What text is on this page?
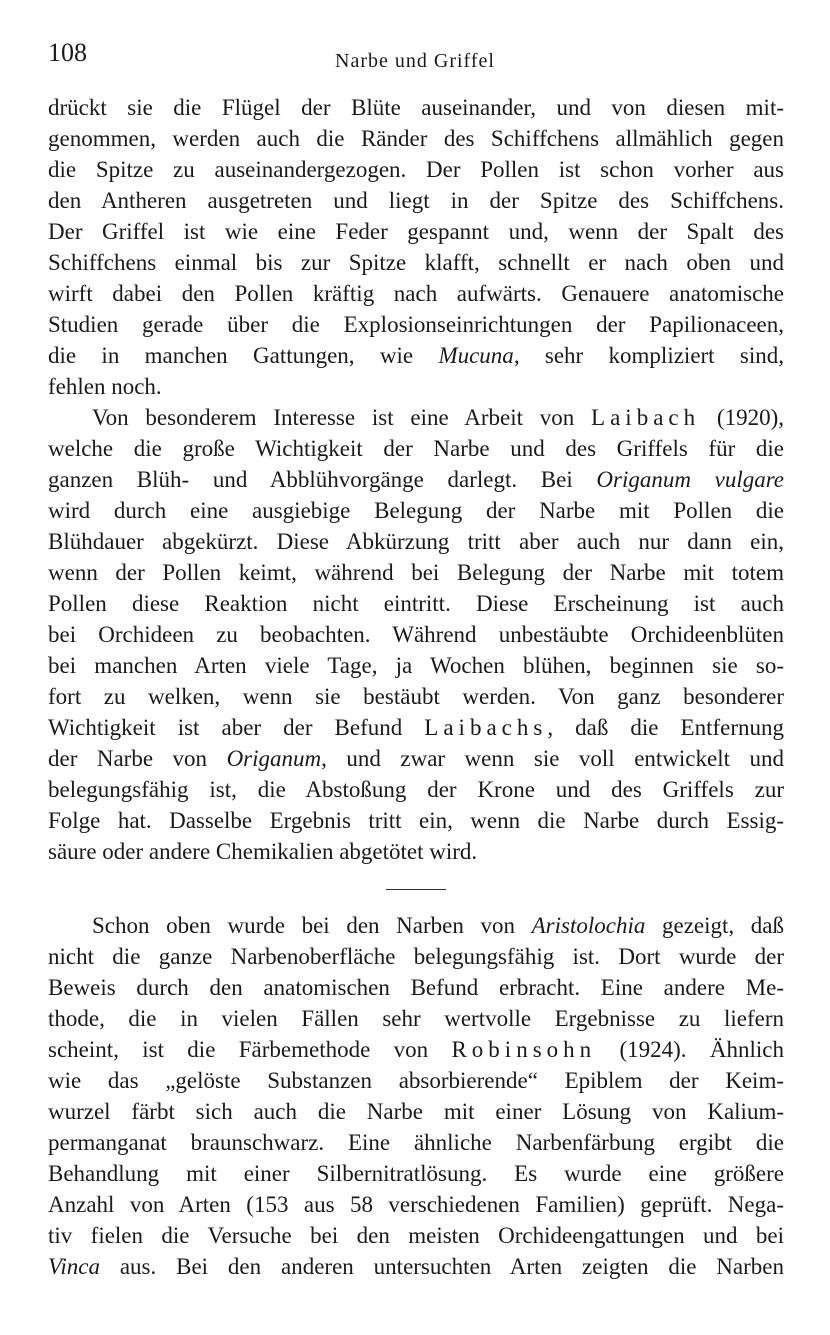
108	Narbe und Griffel
drückt sie die Flügel der Blüte auseinander, und von diesen mit-
genommen, werden auch die Ränder des Schiffchens allmählich gegen
die Spitze zu auseinandergezogen. Der Pollen ist schon vorher aus
den Antheren ausgetreten und liegt in der Spitze des Schiffchens.
Der Griffel ist wie eine Feder gespannt und, wenn der Spalt des
Schiffchens einmal bis zur Spitze klafft, schnellt er nach oben und
wirft dabei den Pollen kräftig nach aufwärts. Genauere anatomische
Studien gerade über die Explosionseinrichtungen der Papilionaceen,
die in manchen Gattungen, wie Mucuna, sehr kompliziert sind,
fehlen noch.
Von besonderem Interesse ist eine Arbeit von Laibach (1920),
welche die große Wichtigkeit der Narbe und des Griffels für die
ganzen Blüh- und Abblühvorgänge darlegt. Bei Origanum vulgare
wird durch eine ausgiebige Belegung der Narbe mit Pollen die
Blühdauer abgekürzt. Diese Abkürzung tritt aber auch nur dann ein,
wenn der Pollen keimt, während bei Belegung der Narbe mit totem
Pollen diese Reaktion nicht eintritt. Diese Erscheinung ist auch
bei Orchideen zu beobachten. Während unbestäubte Orchideenblüten
bei manchen Arten viele Tage, ja Wochen blühen, beginnen sie so-
fort zu welken, wenn sie bestäubt werden. Von ganz besonderer
Wichtigkeit ist aber der Befund Laibachs, daß die Entfernung
der Narbe von Origanum, und zwar wenn sie voll entwickelt und
belegungsfähig ist, die Abstoßung der Krone und des Griffels zur
Folge hat. Dasselbe Ergebnis tritt ein, wenn die Narbe durch Essig-
säure oder andere Chemikalien abgetötet wird.
Schon oben wurde bei den Narben von Aristolochia gezeigt, daß
nicht die ganze Narbenoberfläche belegungsfähig ist. Dort wurde der
Beweis durch den anatomischen Befund erbracht. Eine andere Me-
thode, die in vielen Fällen sehr wertvolle Ergebnisse zu liefern
scheint, ist die Färbemethode von Robinsohn (1924). Ähnlich
wie das „gelöste Substanzen absorbierende“ Epiblem der Keim-
wurzel färbt sich auch die Narbe mit einer Lösung von Kalium-
permanganat braunschwarz. Eine ähnliche Narbenfärbung ergibt die
Behandlung mit einer Silbernitratlösung. Es wurde eine größere
Anzahl von Arten (153 aus 58 verschiedenen Familien) geprüft. Nega-
tiv fielen die Versuche bei den meisten Orchideengattungen und bei
Vinca aus. Bei den anderen untersuchten Arten zeigten die Narben
